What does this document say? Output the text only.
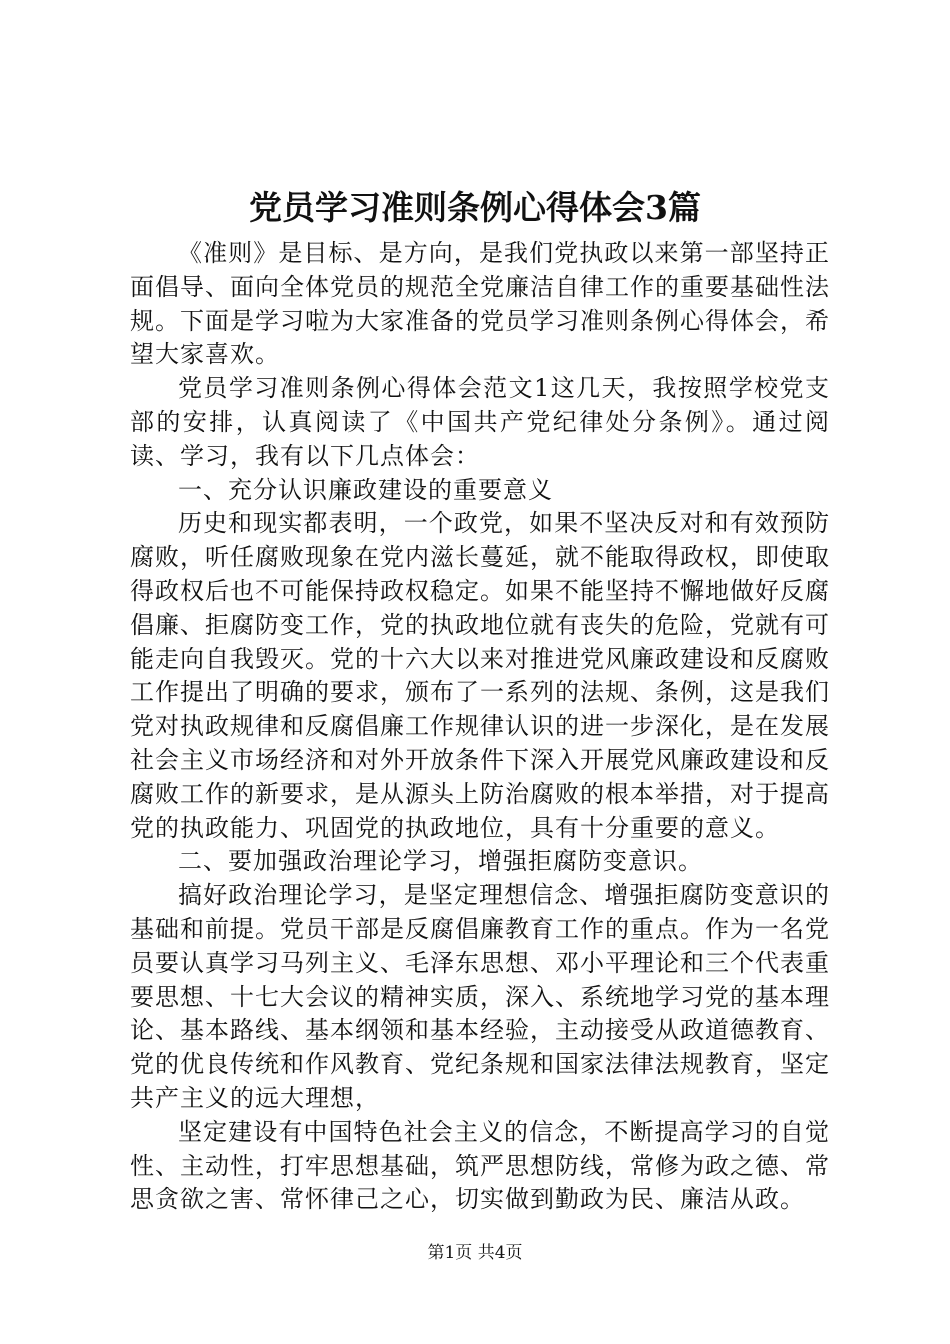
党员学习准则条例心得体会3篇

《准则》是目标、是方向，是我们党执政以来第一部坚持正面倡导、面向全体党员的规范全党廉洁自律工作的重要基础性法规。下面是学习啦为大家准备的党员学习准则条例心得体会，希望大家喜欢。

党员学习准则条例心得体会范文1这几天，我按照学校党支部的安排，认真阅读了《中国共产党纪律处分条例》。通过阅读、学习，我有以下几点体会：

一、充分认识廉政建设的重要意义

历史和现实都表明，一个政党，如果不坚决反对和有效预防腐败，听任腐败现象在党内滋长蔓延，就不能取得政权，即使取得政权后也不可能保持政权稳定。如果不能坚持不懈地做好反腐倡廉、拒腐防变工作，党的执政地位就有丧失的危险，党就有可能走向自我毁灭。党的十六大以来对推进党风廉政建设和反腐败工作提出了明确的要求，颁布了一系列的法规、条例，这是我们党对执政规律和反腐倡廉工作规律认识的进一步深化，是在发展社会主义市场经济和对外开放条件下深入开展党风廉政建设和反腐败工作的新要求，是从源头上防治腐败的根本举措，对于提高党的执政能力、巩固党的执政地位，具有十分重要的意义。

二、要加强政治理论学习，增强拒腐防变意识。

搞好政治理论学习，是坚定理想信念、增强拒腐防变意识的基础和前提。党员干部是反腐倡廉教育工作的重点。作为一名党员要认真学习马列主义、毛泽东思想、邓小平理论和三个代表重要思想、十七大会议的精神实质，深入、系统地学习党的基本理论、基本路线、基本纲领和基本经验，主动接受从政道德教育、党的优良传统和作风教育、党纪条规和国家法律法规教育，坚定共产主义的远大理想，

坚定建设有中国特色社会主义的信念，不断提高学习的自觉性、主动性，打牢思想基础，筑严思想防线，常修为政之德、常思贪欲之害、常怀律己之心，切实做到勤政为民、廉洁从政。

第1页 共4页
